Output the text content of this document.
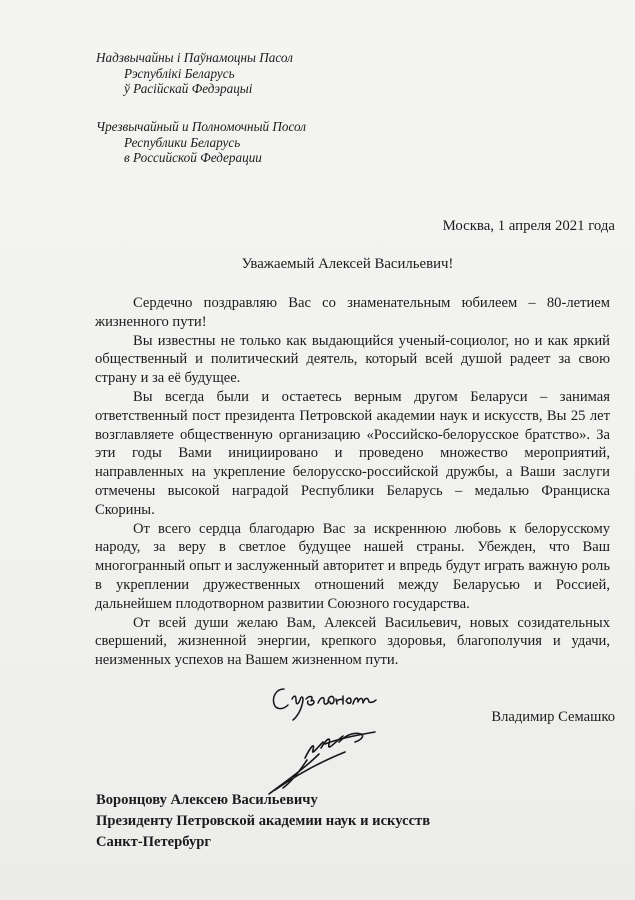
Надзвычайны і Паўнамоцны Пасол
Рэспублікі Беларусь
ў Расійскай Федэрацыі
Чрезвычайный и Полномочный Посол
Республики Беларусь
в Российской Федерации
Москва, 1 апреля 2021 года
Уважаемый Алексей Васильевич!

Сердечно поздравляю Вас со знаменательным юбилеем – 80-летием жизненного пути!

Вы известны не только как выдающийся ученый-социолог, но и как яркий общественный и политический деятель, который всей душой радеет за свою страну и за её будущее.

Вы всегда были и остаетесь верным другом Беларуси – занимая ответственный пост президента Петровской академии наук и искусств, Вы 25 лет возглавляете общественную организацию «Российско-белорусское братство». За эти годы Вами инициировано и проведено множество мероприятий, направленных на укрепление белорусско-российской дружбы, а Ваши заслуги отмечены высокой наградой Республики Беларусь – медалью Франциска Скорины.

От всего сердца благодарю Вас за искреннюю любовь к белорусскому народу, за веру в светлое будущее нашей страны. Убежден, что Ваш многогранный опыт и заслуженный авторитет и впредь будут играть важную роль в укреплении дружественных отношений между Беларусью и Россией, дальнейшем плодотворном развитии Союзного государства.

От всей души желаю Вам, Алексей Васильевич, новых созидательных свершений, жизненной энергии, крепкого здоровья, благополучия и удачи, неизменных успехов на Вашем жизненном пути.

Владимир Семашко
Воронцову Алексею Васильевичу
Президенту Петровской академии наук и искусств
Санкт-Петербург
